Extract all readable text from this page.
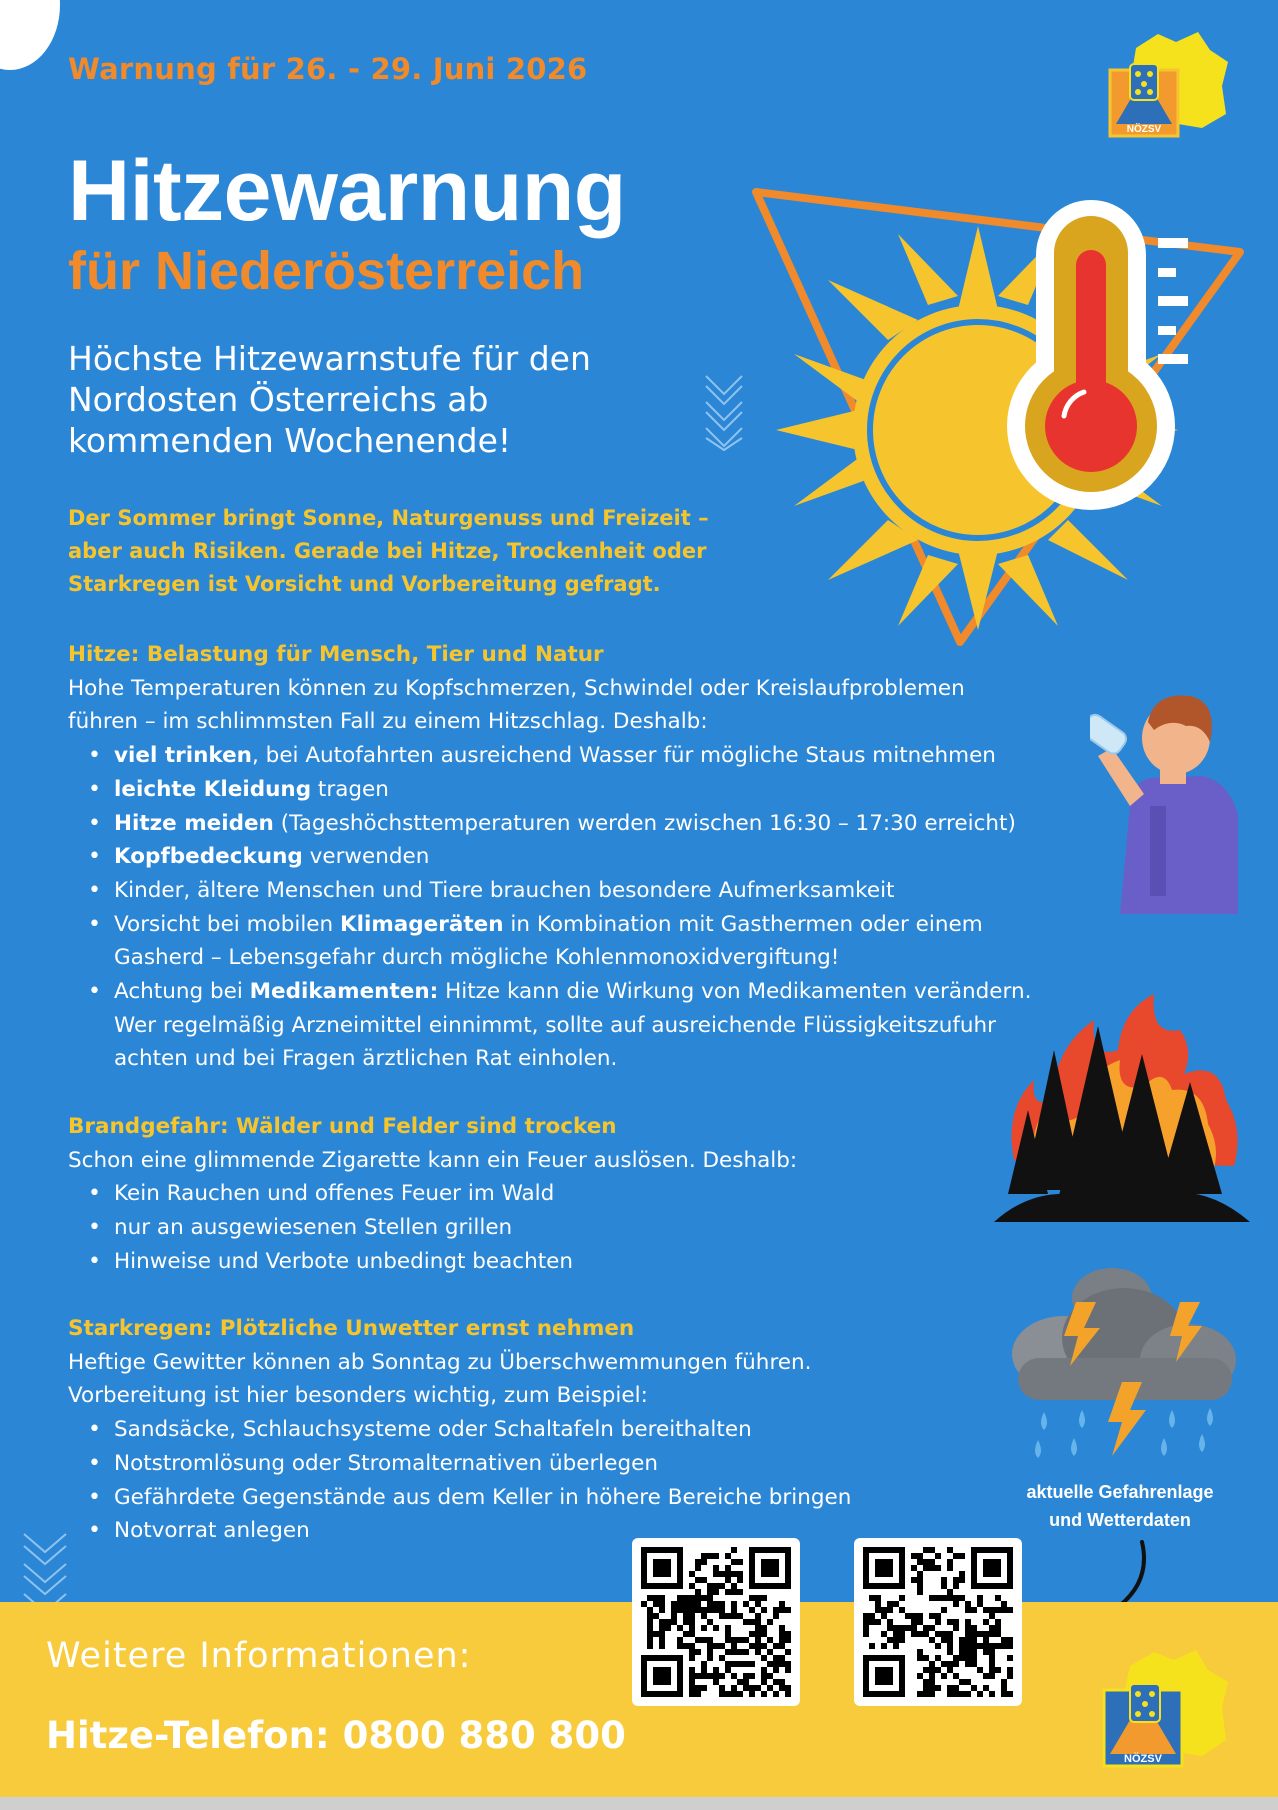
Warnung für 26. - 29. Juni 2026
Hitzewarnung
für Niederösterreich
Höchste Hitzewarnstufe für den
Nordosten Österreichs ab
kommenden Wochenende!
NÖZSV
Der Sommer bringt Sonne, Naturgenuss und Freizeit –
aber auch Risiken. Gerade bei Hitze, Trockenheit oder
Starkregen ist Vorsicht und Vorbereitung gefragt.
Hitze: Belastung für Mensch, Tier und Natur
Hohe Temperaturen können zu Kopfschmerzen, Schwindel oder Kreislaufproblemen
führen – im schlimmsten Fall zu einem Hitzschlag. Deshalb:
• viel trinken, bei Autofahrten ausreichend Wasser für mögliche Staus mitnehmen
• leichte Kleidung tragen
• Hitze meiden (Tageshöchsttemperaturen werden zwischen 16:30 – 17:30 erreicht)
• Kopfbedeckung verwenden
• Kinder, ältere Menschen und Tiere brauchen besondere Aufmerksamkeit
• Vorsicht bei mobilen Klimageräten in Kombination mit Gasthermen oder einem
Gasherd – Lebensgefahr durch mögliche Kohlenmonoxidvergiftung!
• Achtung bei Medikamenten: Hitze kann die Wirkung von Medikamenten verändern.
Wer regelmäßig Arzneimittel einnimmt, sollte auf ausreichende Flüssigkeitszufuhr
achten und bei Fragen ärztlichen Rat einholen.
Brandgefahr: Wälder und Felder sind trocken
Schon eine glimmende Zigarette kann ein Feuer auslösen. Deshalb:
• Kein Rauchen und offenes Feuer im Wald
• nur an ausgewiesenen Stellen grillen
• Hinweise und Verbote unbedingt beachten
Starkregen: Plötzliche Unwetter ernst nehmen
Heftige Gewitter können ab Sonntag zu Überschwemmungen führen.
Vorbereitung ist hier besonders wichtig, zum Beispiel:
• Sandsäcke, Schlauchsysteme oder Schaltafeln bereithalten
• Notstromlösung oder Stromalternativen überlegen
• Gefährdete Gegenstände aus dem Keller in höhere Bereiche bringen
• Notvorrat anlegen
aktuelle Gefahrenlage
und Wetterdaten
Weitere Informationen:
Hitze-Telefon: 0800 880 800
NÖZSV
